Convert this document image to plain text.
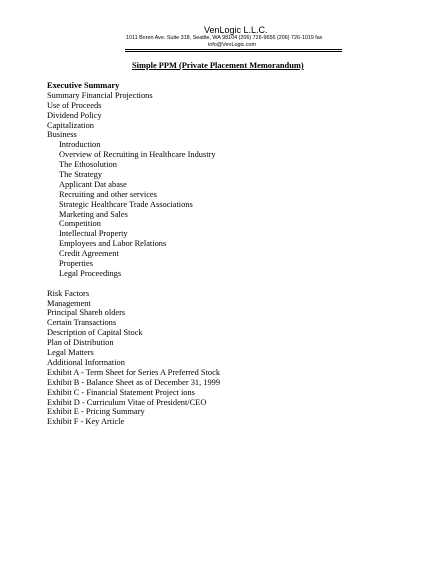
VenLogic L.L.C.
1011 Boren Ave. Suite 318, Seattle, WA 98104 (206) 726-9656 (206) 726-1019 fax
info@VenLogic.com
Simple PPM (Private Placement Memorandum)
Executive Summary
Summary Financial Projections
Use of Proceeds
Dividend Policy
Capitalization
Business
Introduction
Overview of Recruiting in Healthcare Industry
The Ethosolution
The Strategy
Applicant Dat abase
Recruiting and other services
Strategic Healthcare Trade Associations
Marketing and Sales
Competition
Intellectual Property
Employees and Labor Relations
Credit Agreement
Properties
Legal Proceedings
Risk Factors
Management
Principal Shareh olders
Certain Transactions
Description of Capital Stock
Plan of Distribution
Legal Matters
Additional Information
Exhibit A - Term Sheet for Series A Preferred Stock
Exhibit B - Balance Sheet as of December 31, 1999
Exhibit C - Financial Statement Project ions
Exhibit D - Curriculum Vitae of President/CEO
Exhibit E - Pricing Summary
Exhibit F - Key Article
